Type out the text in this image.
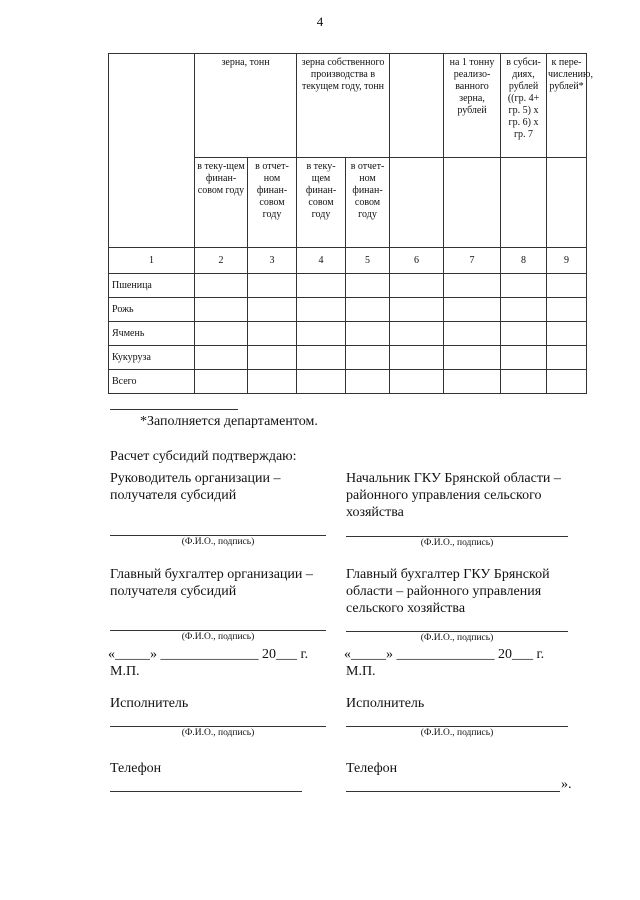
4
	зерна, тонн		зерна собственного производства в текущем году, тонн			на 1 тонну реализо-ванного зерна, рублей	в субси-диях, рублей ((гр. 4+ гр. 5) x гр. 6) x гр. 7	к пере-числению, рублей*
	в теку-щем финан-совом году	в отчет-ном финан-совом году	в теку-щем финан-совом году	в отчет-ном финан-совом году				
1	2	3	4	5	6	7	8	9
Пшеница								
Рожь								
Ячмень								
Кукуруза								
Всего								
*Заполняется департаментом.
Расчет субсидий подтверждаю:
Руководитель организации – получателя субсидий
(Ф.И.О., подпись)
Главный бухгалтер организации – получателя субсидий
(Ф.И.О., подпись)
«_____» ______________ 20___ г.
М.П.
Исполнитель
(Ф.И.О., подпись)
Телефон
Начальник ГКУ Брянской области – районного управления сельского хозяйства
(Ф.И.О., подпись)
Главный бухгалтер ГКУ Брянской области – районного управления сельского хозяйства
(Ф.И.О., подпись)
«_____» ______________ 20___ г.
М.П.
Исполнитель
(Ф.И.О., подпись)
Телефон
».
